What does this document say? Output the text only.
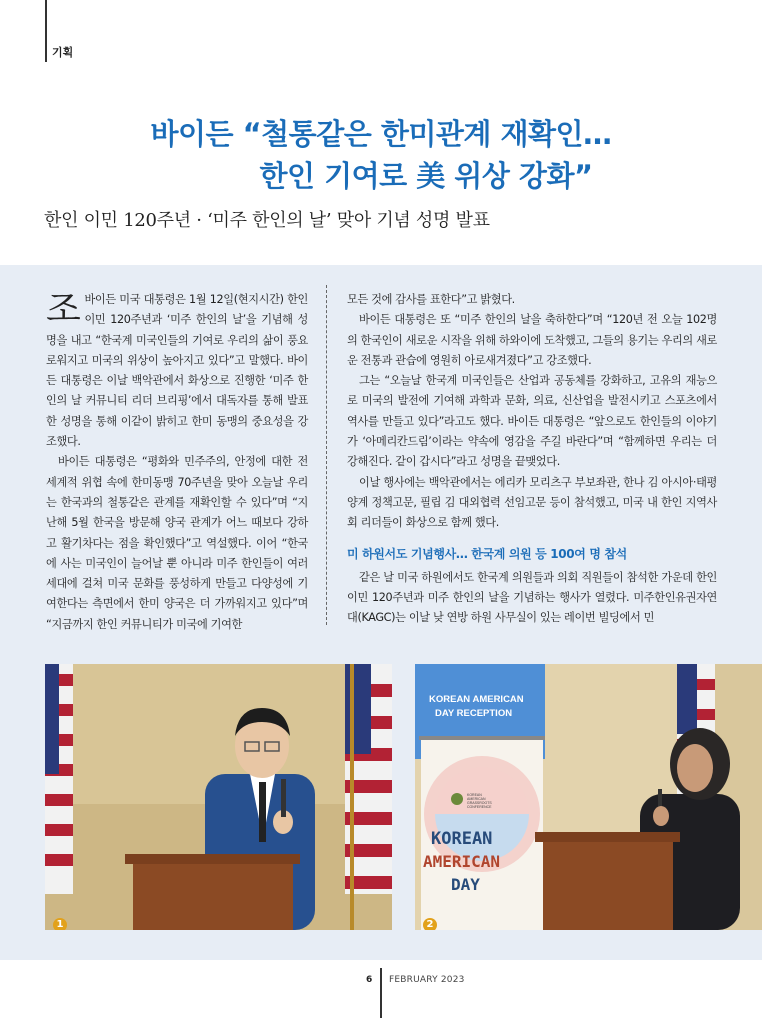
기획
바이든 “철통같은 한미관계 재확인…
한인 기여로 美 위상 강화”
한인 이민 120주년 · ‘미주 한인의 날’ 맞아 기념 성명 발표

조바이든 미국 대통령은 1월 12일(현지시간) 한인 이민 120주년과 ‘미주 한인의 날’을 기념해 성명을 내고 “한국계 미국인들의 기여로 우리의 삶이 풍요로워지고 미국의 위상이 높아지고 있다”고 말했다. 바이든 대통령은 이날 백악관에서 화상으로 진행한 ‘미주 한인의 날 커뮤니티 리더 브리핑’에서 대독자를 통해 발표한 성명을 통해 이같이 밝히고 한미 동맹의 중요성을 강조했다.

바이든 대통령은 “평화와 민주주의, 안정에 대한 전 세계적 위협 속에 한미동맹 70주년을 맞아 오늘날 우리는 한국과의 철통같은 관계를 재확인할 수 있다”며 “지난해 5월 한국을 방문해 양국 관계가 어느 때보다 강하고 활기차다는 점을 확인했다”고 역설했다. 이어 “한국에 사는 미국인이 늘어날 뿐 아니라 미주 한인들이 여러 세대에 걸쳐 미국 문화를 풍성하게 만들고 다양성에 기여한다는 측면에서 한미 양국은 더 가까워지고 있다”며 “지금까지 한인 커뮤니티가 미국에 기여한

모든 것에 감사를 표한다”고 밝혔다.

바이든 대통령은 또 “미주 한인의 날을 축하한다”며 “120년 전 오늘 102명의 한국인이 새로운 시작을 위해 하와이에 도착했고, 그들의 용기는 우리의 새로운 전통과 관습에 영원히 아로새겨졌다”고 강조했다.

그는 “오늘날 한국계 미국인들은 산업과 공동체를 강화하고, 고유의 재능으로 미국의 발전에 기여해 과학과 문화, 의료, 신산업을 발전시키고 스포츠에서 역사를 만들고 있다”라고도 했다. 바이든 대통령은 “앞으로도 한인들의 이야기가 ‘아메리칸드림’이라는 약속에 영감을 주길 바란다”며 “함께하면 우리는 더 강해진다. 같이 갑시다”라고 성명을 끝맺었다.

이날 행사에는 백악관에서는 에리카 모리츠구 부보좌관, 한나 김 아시아·태평양계 정책고문, 필립 김 대외협력 선임고문 등이 참석했고, 미국 내 한인 지역사회 리더들이 화상으로 함께 했다.

미 하원서도 기념행사… 한국계 의원 등 100여 명 참석

같은 날 미국 하원에서도 한국계 의원들과 의회 직원들이 참석한 가운데 한인 이민 120주년과 미주 한인의 날을 기념하는 행사가 열렸다. 미주한인유권자연대(KAGC)는 이날 낮 연방 하원 사무실이 있는 레이번 빌딩에서 민

1
KOREAN AMERICAN
DAY RECEPTION
KOREAN
AMERICAN
GRASSROOTS
CONFERENCE
KOREAN
AMERICAN
DAY
2
6 FEBRUARY 2023
